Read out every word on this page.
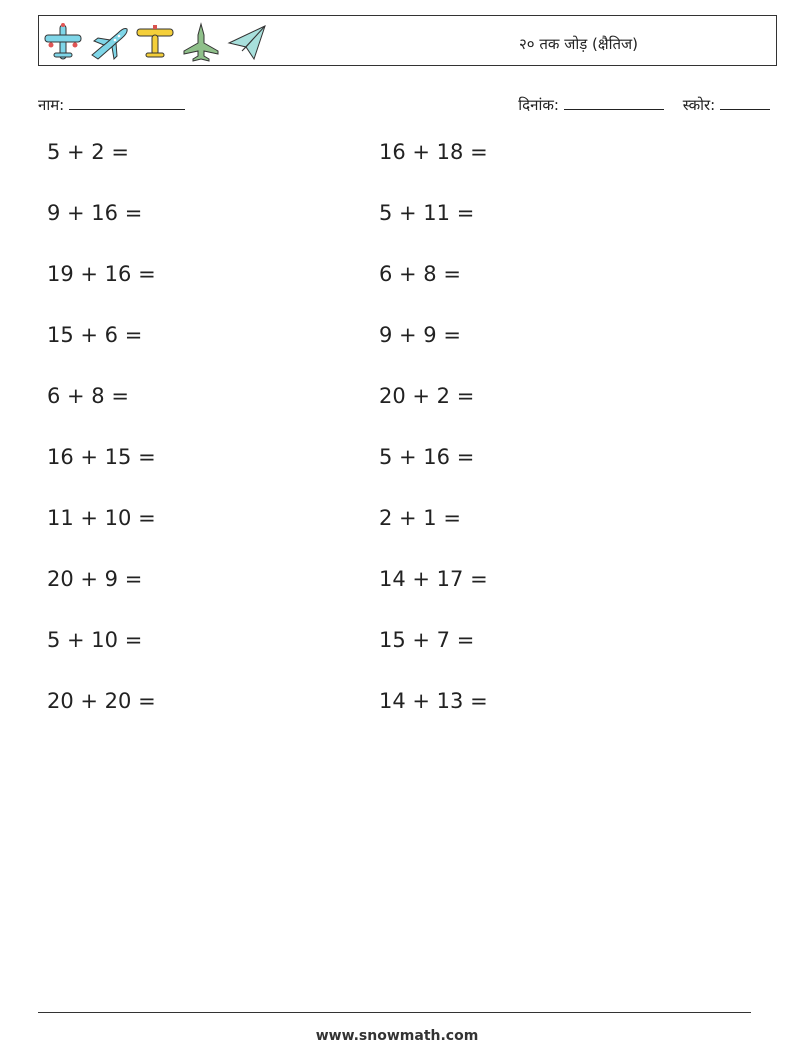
२० तक जोड़ (क्षैतिज)
नाम:	दिनांक:	स्कोर:
5 + 2 =
9 + 16 =
19 + 16 =
15 + 6 =
6 + 8 =
16 + 15 =
11 + 10 =
20 + 9 =
5 + 10 =
20 + 20 =
16 + 18 =
5 + 11 =
6 + 8 =
9 + 9 =
20 + 2 =
5 + 16 =
2 + 1 =
14 + 17 =
15 + 7 =
14 + 13 =
www.snowmath.com
